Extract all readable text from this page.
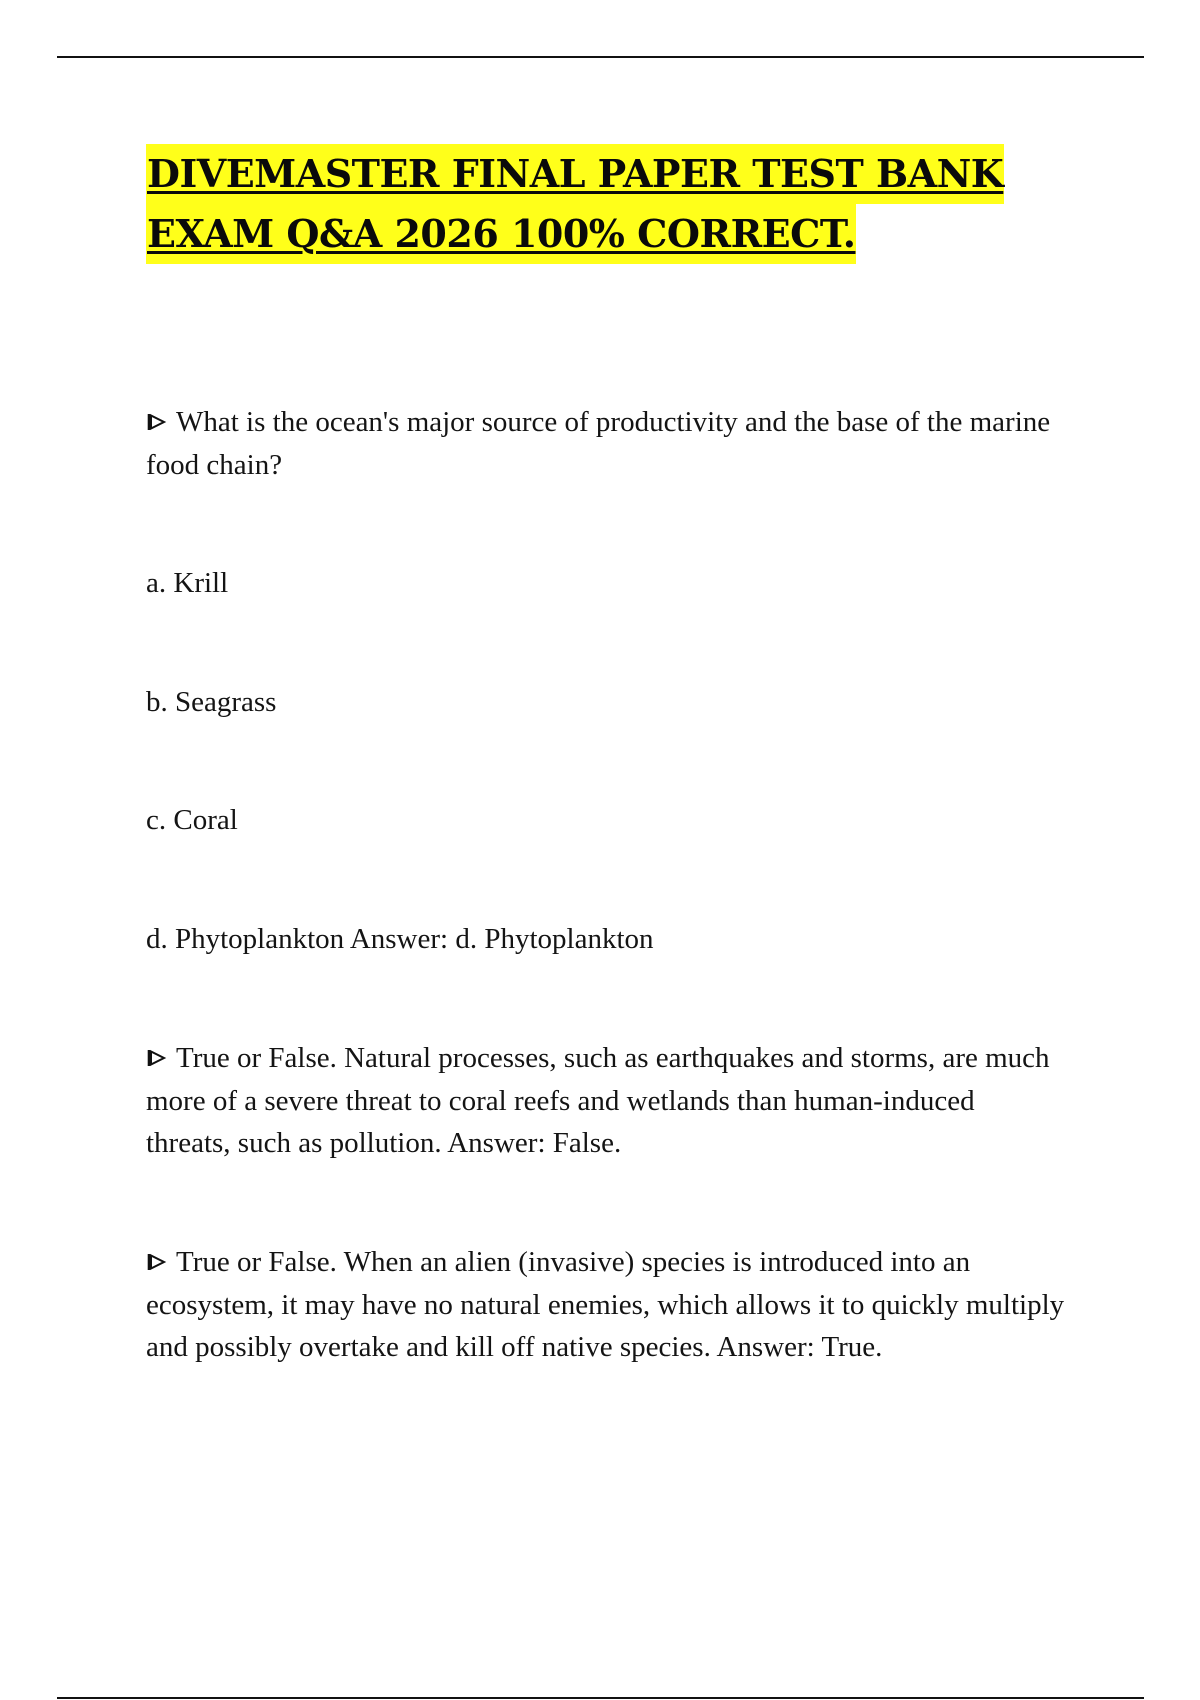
DIVEMASTER FINAL PAPER TEST BANK
EXAM Q&A 2026 100% CORRECT.

What is the ocean's major source of productivity and the base of the marine food chain?

a. Krill

b. Seagrass

c. Coral

d. Phytoplankton Answer: d. Phytoplankton

True or False. Natural processes, such as earthquakes and storms, are much more of a severe threat to coral reefs and wetlands than human-induced threats, such as pollution. Answer: False.

True or False. When an alien (invasive) species is introduced into an ecosystem, it may have no natural enemies, which allows it to quickly multiply and possibly overtake and kill off native species. Answer: True.
